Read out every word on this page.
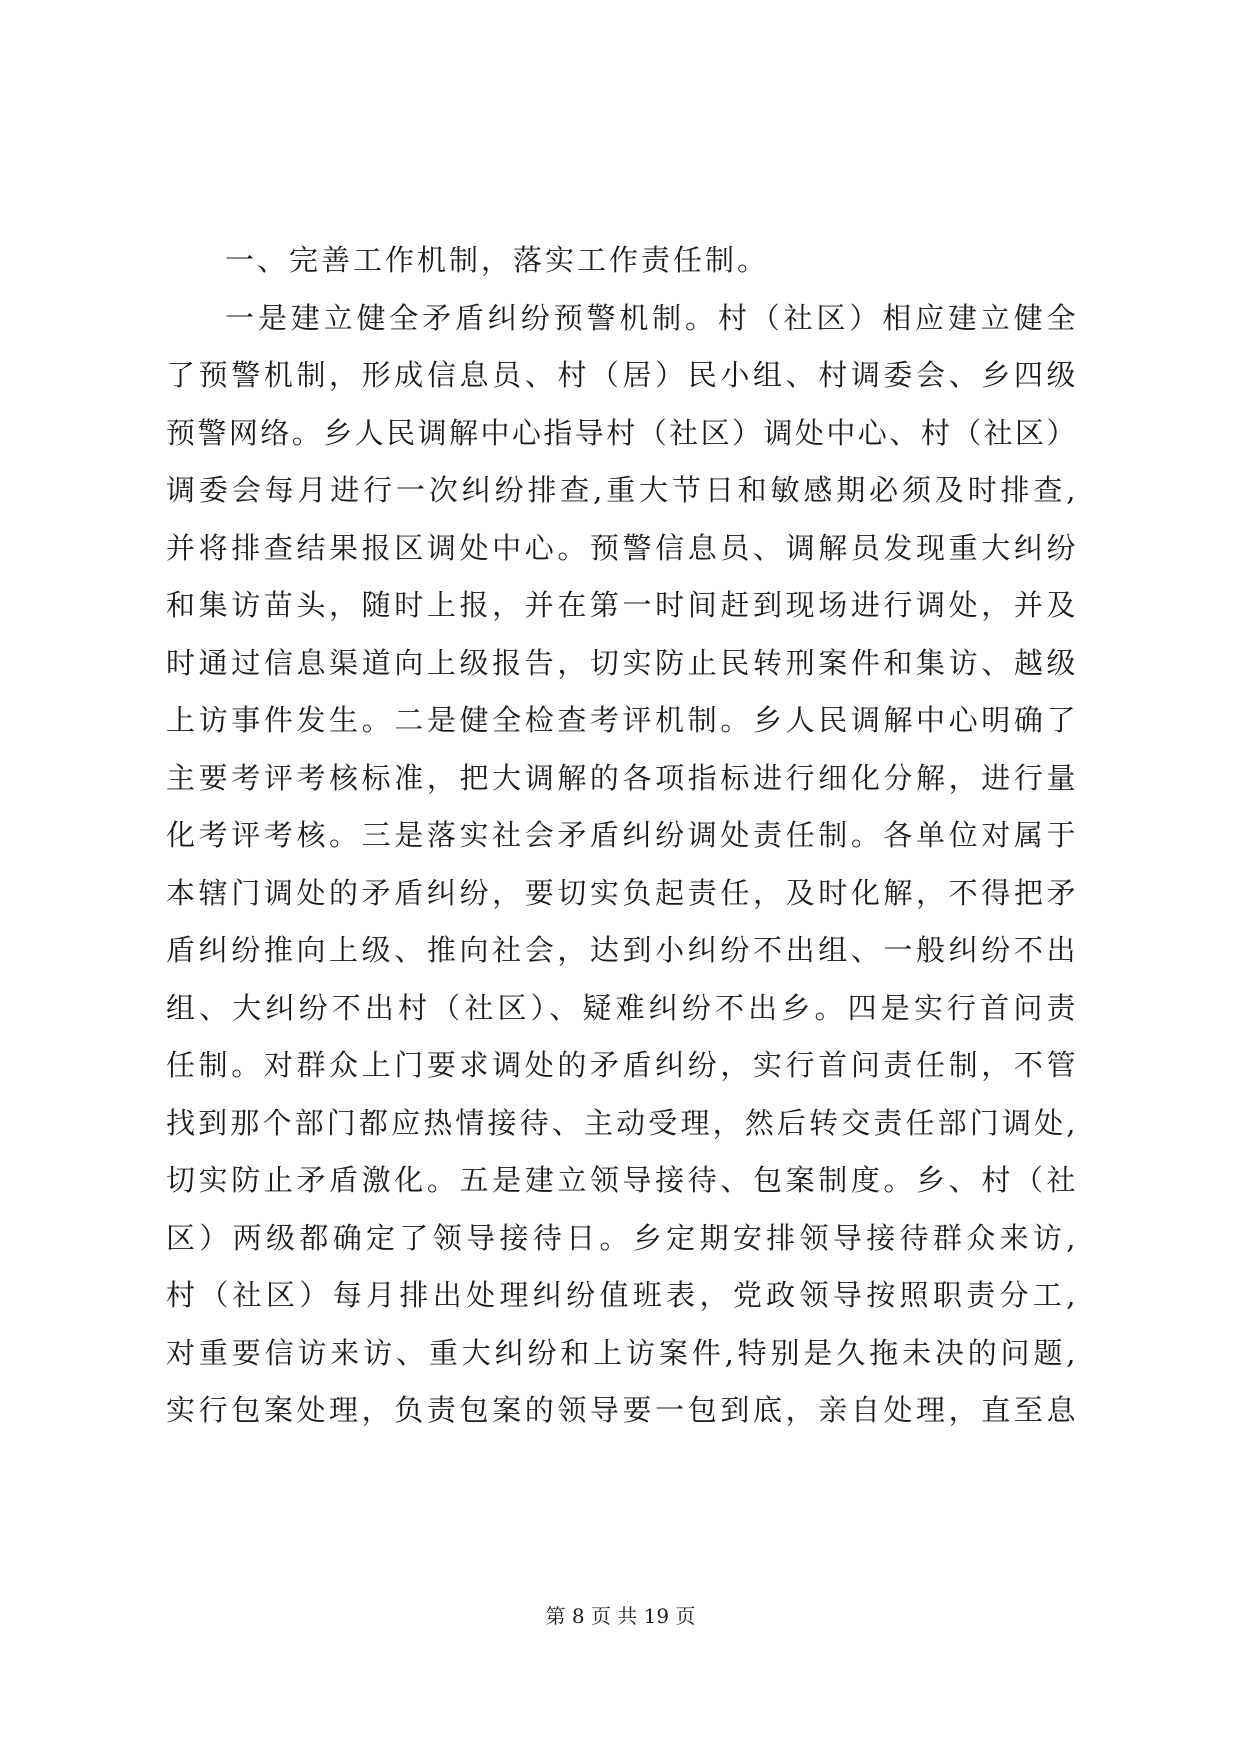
一、完善工作机制，落实工作责任制。
一是建立健全矛盾纠纷预警机制。村（社区）相应建立健全
了预警机制，形成信息员、村（居）民小组、村调委会、乡四级
预警网络。乡人民调解中心指导村（社区）调处中心、村（社区）
调委会每月进行一次纠纷排查,重大节日和敏感期必须及时排查,
并将排查结果报区调处中心。预警信息员、调解员发现重大纠纷
和集访苗头，随时上报，并在第一时间赶到现场进行调处，并及
时通过信息渠道向上级报告，切实防止民转刑案件和集访、越级
上访事件发生。二是健全检查考评机制。乡人民调解中心明确了
主要考评考核标准，把大调解的各项指标进行细化分解，进行量
化考评考核。三是落实社会矛盾纠纷调处责任制。各单位对属于
本辖门调处的矛盾纠纷，要切实负起责任，及时化解，不得把矛
盾纠纷推向上级、推向社会，达到小纠纷不出组、一般纠纷不出
组、大纠纷不出村（社区）、疑难纠纷不出乡。四是实行首问责
任制。对群众上门要求调处的矛盾纠纷，实行首问责任制，不管
找到那个部门都应热情接待、主动受理，然后转交责任部门调处,
切实防止矛盾激化。五是建立领导接待、包案制度。乡、村（社
区）两级都确定了领导接待日。乡定期安排领导接待群众来访,
村（社区）每月排出处理纠纷值班表，党政领导按照职责分工,
对重要信访来访、重大纠纷和上访案件,特别是久拖未决的问题,
实行包案处理，负责包案的领导要一包到底，亲自处理，直至息
第 8 页 共 19 页
